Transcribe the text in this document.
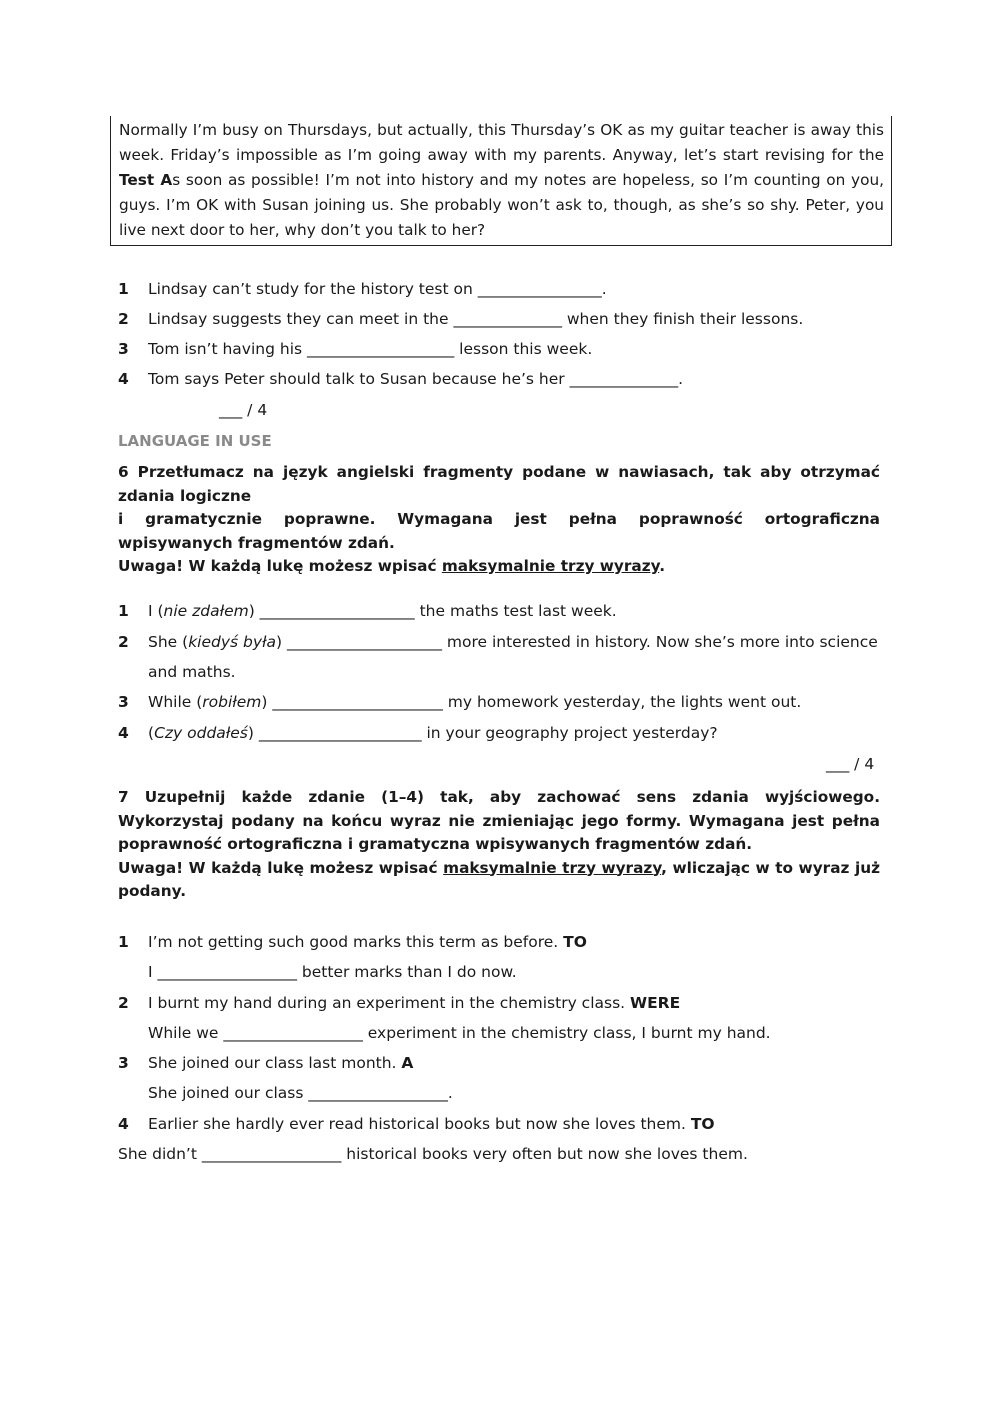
Normally I’m busy on Thursdays, but actually, this Thursday’s OK as my guitar teacher is away this week. Friday’s impossible as I’m going away with my parents. Anyway, let’s start revising for the Test As soon as possible! I’m not into history and my notes are hopeless, so I’m counting on you, guys. I’m OK with Susan joining us. She probably won’t ask to, though, as she’s so shy. Peter, you live next door to her, why don’t you talk to her?
1 Lindsay can’t study for the history test on ________________.
2 Lindsay suggests they can meet in the ______________ when they finish their lessons.
3 Tom isn’t having his ___________________ lesson this week.
4 Tom says Peter should talk to Susan because he’s her ______________.
___ / 4
LANGUAGE IN USE
6 Przetłumacz na język angielski fragmenty podane w nawiasach, tak aby otrzymać zdania logiczne
i gramatycznie poprawne. Wymagana jest pełna poprawność ortograficzna wpisywanych fragmentów zdań.
Uwaga! W każdą lukę możesz wpisać maksymalnie trzy wyrazy.
1 I (nie zdałem) ____________________ the maths test last week.
2 She (kiedyś była) ____________________ more interested in history. Now she’s more into science
and maths.
3 While (robiłem) ______________________ my homework yesterday, the lights went out.
4 (Czy oddałeś) _____________________ in your geography project yesterday?
___ / 4
7 Uzupełnij każde zdanie (1–4) tak, aby zachować sens zdania wyjściowego. Wykorzystaj podany na końcu wyraz nie zmieniając jego formy. Wymagana jest pełna poprawność ortograficzna i gramatyczna wpisywanych fragmentów zdań.
Uwaga! W każdą lukę możesz wpisać maksymalnie trzy wyrazy, wliczając w to wyraz już podany.
1 I’m not getting such good marks this term as before. TO
I __________________ better marks than I do now.
2 I burnt my hand during an experiment in the chemistry class. WERE
While we __________________ experiment in the chemistry class, I burnt my hand.
3 She joined our class last month. A
She joined our class __________________.
4 Earlier she hardly ever read historical books but now she loves them. TO
She didn’t __________________ historical books very often but now she loves them.
